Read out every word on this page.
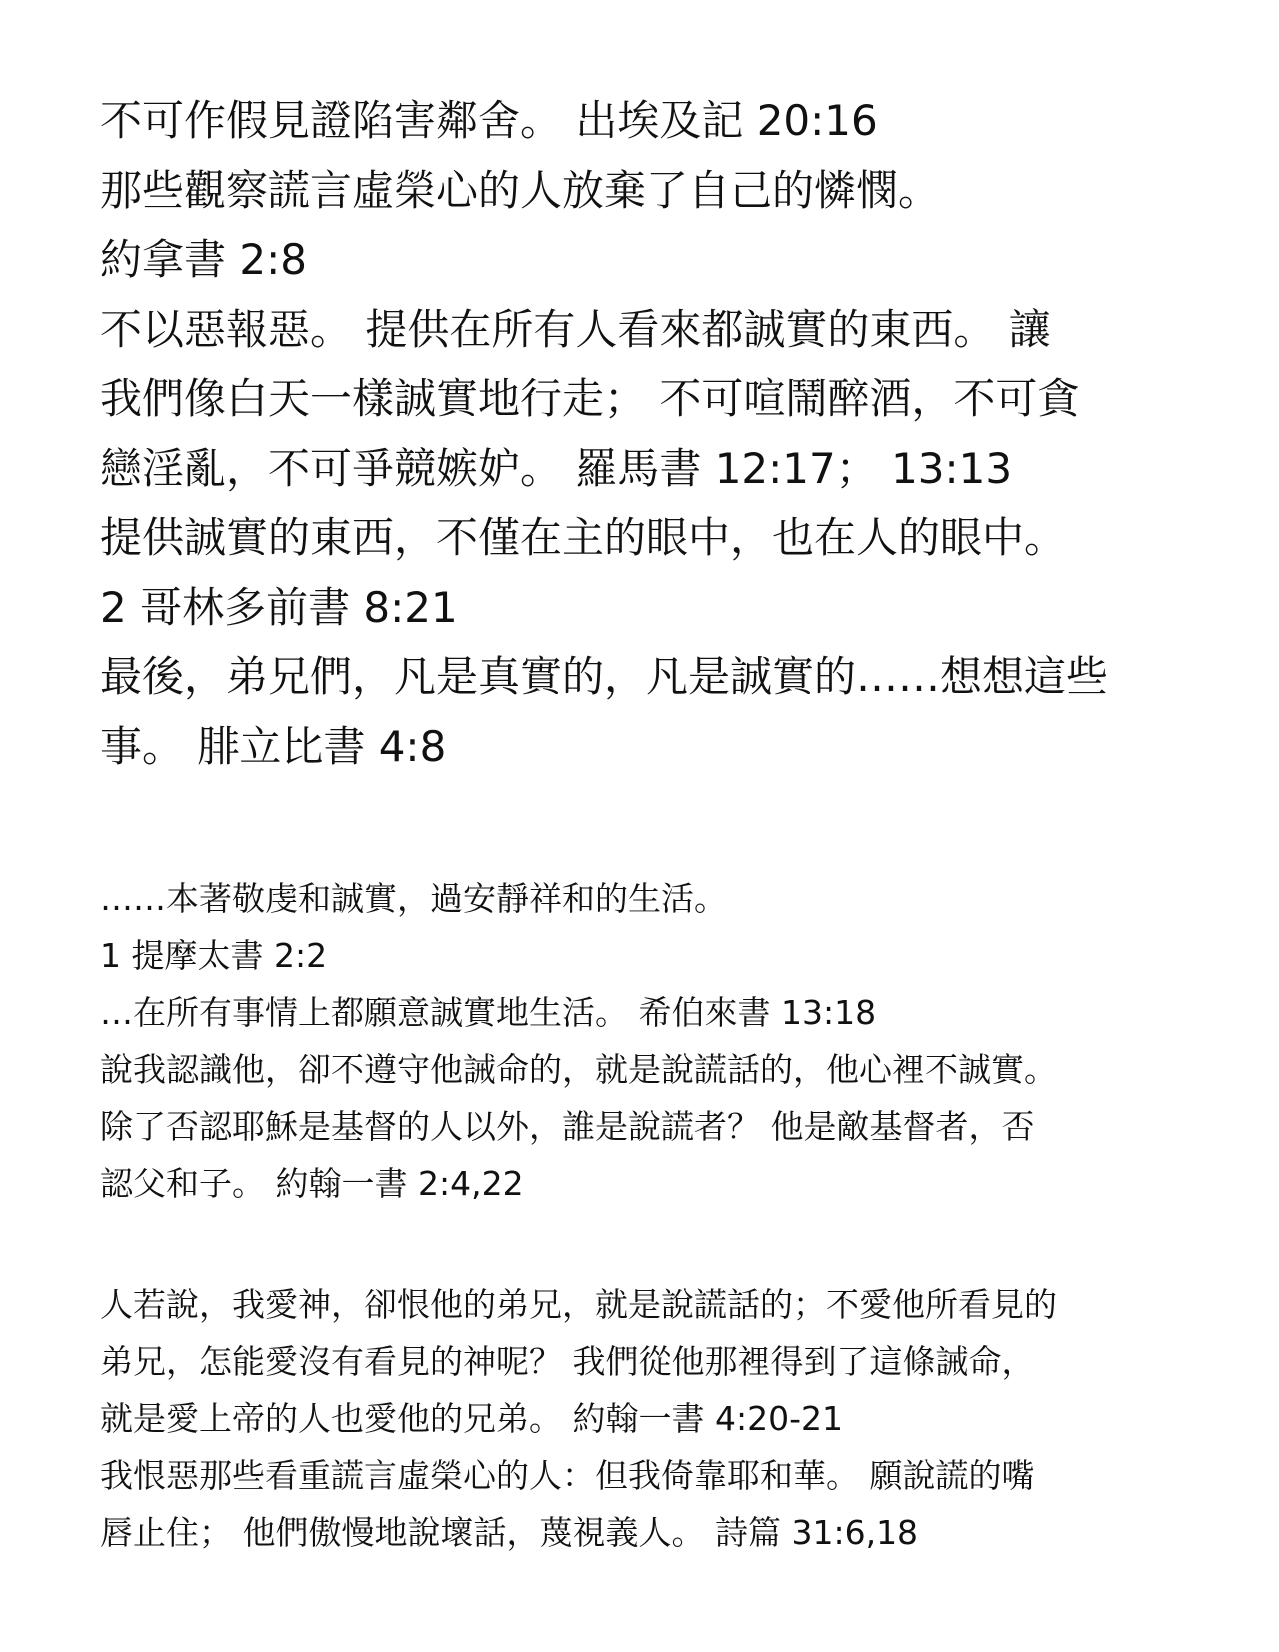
不可作假見證陷害鄰舍。 出埃及記 20:16

那些觀察謊言虛榮心的人放棄了自己的憐憫。

約拿書 2:8

不以惡報惡。 提供在所有人看來都誠實的東西。 讓

我們像白天一樣誠實地行走； 不可喧鬧醉酒，不可貪

戀淫亂，不可爭競嫉妒。 羅馬書 12:17； 13:13

提供誠實的東西，不僅在主的眼中，也在人的眼中。

2 哥林多前書 8:21

最後，弟兄們，凡是真實的，凡是誠實的……想想這些

事。 腓立比書 4:8

……本著敬虔和誠實，過安靜祥和的生活。

1 提摩太書 2:2

…在所有事情上都願意誠實地生活。 希伯來書 13:18

說我認識他，卻不遵守他誡命的，就是說謊話的，他心裡不誠實。

除了否認耶穌是基督的人以外，誰是說謊者？ 他是敵基督者，否

認父和子。 約翰一書 2:4,22

人若說，我愛神，卻恨他的弟兄，就是說謊話的；不愛他所看見的

弟兄，怎能愛沒有看見的神呢？ 我們從他那裡得到了這條誡命，

就是愛上帝的人也愛他的兄弟。 約翰一書 4:20-21

我恨惡那些看重謊言虛榮心的人：但我倚靠耶和華。 願說謊的嘴

唇止住； 他們傲慢地說壞話，蔑視義人。 詩篇 31:6,18
